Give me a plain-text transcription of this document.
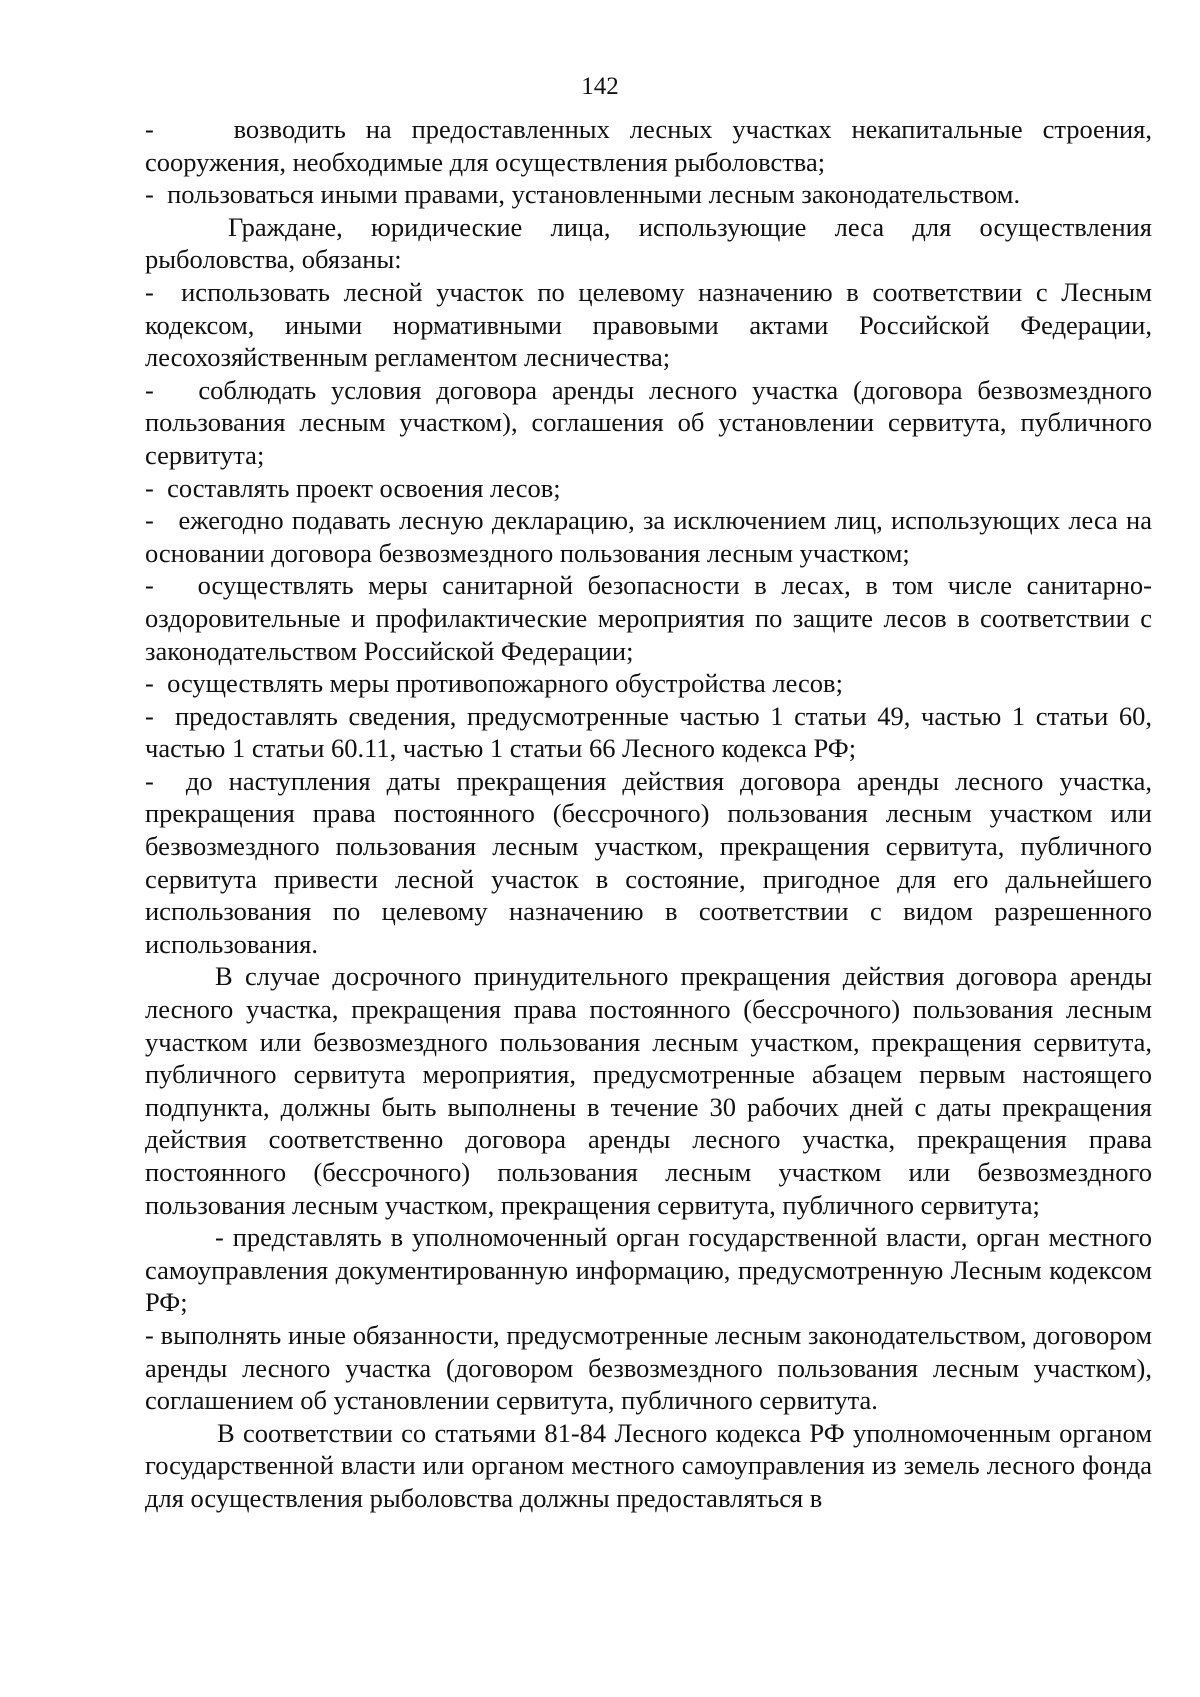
142

-    возводить на предоставленных лесных участках некапитальные строения, сооружения, необходимые для осуществления рыболовства;

-  пользоваться иными правами, установленными лесным законодательством.

Граждане, юридические лица, использующие леса для осуществления рыболовства, обязаны:

-  использовать лесной участок по целевому назначению в соответствии с Лесным кодексом, иными нормативными правовыми актами Российской Федерации, лесохозяйственным регламентом лесничества;

-   соблюдать условия договора аренды лесного участка (договора безвозмездного пользования лесным участком), соглашения об установлении сервитута, публичного сервитута;

-  составлять проект освоения лесов;

-   ежегодно подавать лесную декларацию, за исключением лиц, использующих леса на основании договора безвозмездного пользования лесным участком;

-   осуществлять меры санитарной безопасности в лесах, в том числе санитарно-оздоровительные и профилактические мероприятия по защите лесов в соответствии с законодательством Российской Федерации;

-  осуществлять меры противопожарного обустройства лесов;

-  предоставлять сведения, предусмотренные частью 1 статьи 49, частью 1 статьи 60, частью 1 статьи 60.11, частью 1 статьи 66 Лесного кодекса РФ;

-  до наступления даты прекращения действия договора аренды лесного участка, прекращения права постоянного (бессрочного) пользования лесным участком или безвозмездного пользования лесным участком, прекращения сервитута, публичного сервитута привести лесной участок в состояние, пригодное для его дальнейшего использования по целевому назначению в соответствии с видом разрешенного использования.

В случае досрочного принудительного прекращения действия договора аренды лесного участка, прекращения права постоянного (бессрочного) пользования лесным участком или безвозмездного пользования лесным участком, прекращения сервитута, публичного сервитута мероприятия, предусмотренные абзацем первым настоящего подпункта, должны быть выполнены в течение 30 рабочих дней с даты прекращения действия соответственно договора аренды лесного участка, прекращения права постоянного (бессрочного) пользования лесным участком или безвозмездного пользования лесным участком, прекращения сервитута, публичного сервитута;

- представлять в уполномоченный орган государственной власти, орган местного самоуправления документированную информацию, предусмотренную Лесным кодексом РФ;

- выполнять иные обязанности, предусмотренные лесным законодательством, договором аренды лесного участка (договором безвозмездного пользования лесным участком), соглашением об установлении сервитута, публичного сервитута.

В соответствии со статьями 81-84 Лесного кодекса РФ уполномоченным органом государственной власти или органом местного самоуправления из земель лесного фонда для осуществления рыболовства должны предоставляться в
